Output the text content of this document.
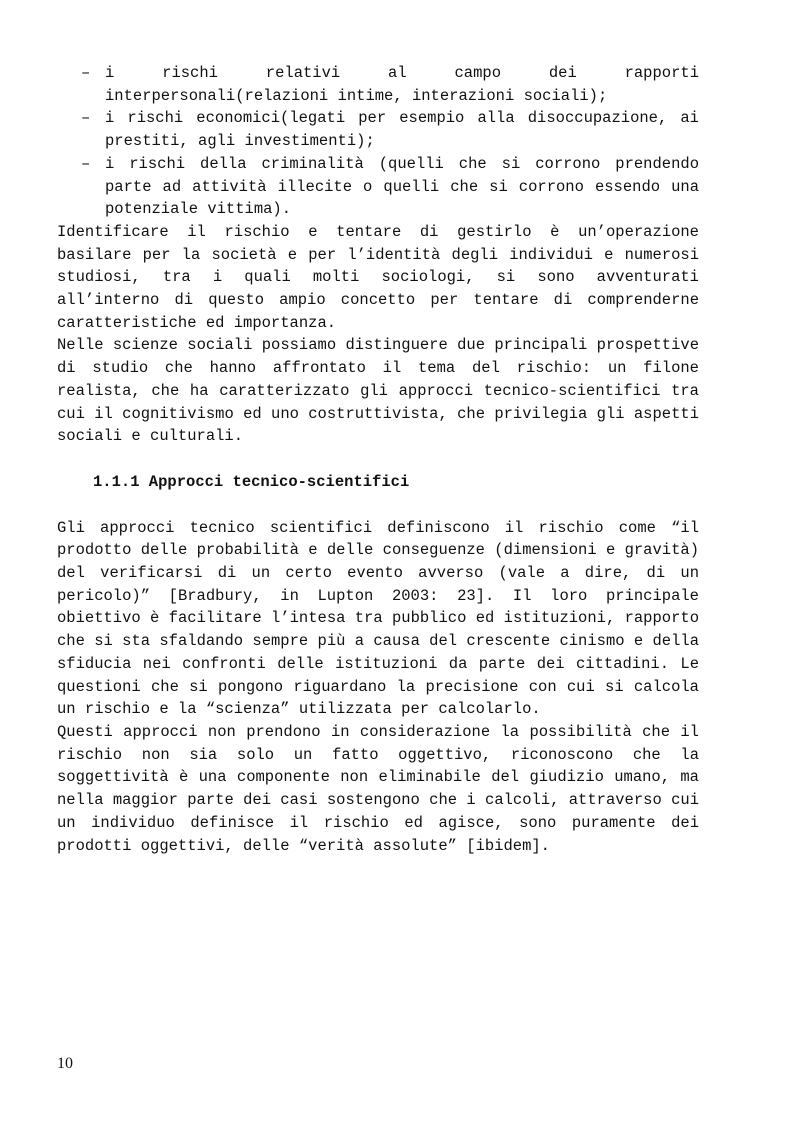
– i rischi relativi al campo dei rapporti interpersonali(relazioni intime, interazioni sociali);
– i rischi economici(legati per esempio alla disoccupazione, ai prestiti, agli investimenti);
– i rischi della criminalità (quelli che si corrono prendendo parte ad attività illecite o quelli che si corrono essendo una potenziale vittima).

Identificare il rischio e tentare di gestirlo è un’operazione basilare per la società e per l’identità degli individui e numerosi studiosi, tra i quali molti sociologi, si sono avventurati all’interno di questo ampio concetto per tentare di comprenderne caratteristiche ed importanza.

Nelle scienze sociali possiamo distinguere due principali prospettive di studio che hanno affrontato il tema del rischio: un filone realista, che ha caratterizzato gli approcci tecnico-scientifici tra cui il cognitivismo ed uno costruttivista, che privilegia gli aspetti sociali e culturali.

1.1.1 Approcci tecnico-scientifici

Gli approcci tecnico scientifici definiscono il rischio come “il prodotto delle probabilità e delle conseguenze (dimensioni e gravità) del verificarsi di un certo evento avverso (vale a dire, di un pericolo)” [Bradbury, in Lupton 2003: 23]. Il loro principale obiettivo è facilitare l’intesa tra pubblico ed istituzioni, rapporto che si sta sfaldando sempre più a causa del crescente cinismo e della sfiducia nei confronti delle istituzioni da parte dei cittadini. Le questioni che si pongono riguardano la precisione con cui si calcola un rischio e la “scienza” utilizzata per calcolarlo.

Questi approcci non prendono in considerazione la possibilità che il rischio non sia solo un fatto oggettivo, riconoscono che la soggettività è una componente non eliminabile del giudizio umano, ma nella maggior parte dei casi sostengono che i calcoli, attraverso cui un individuo definisce il rischio ed agisce, sono puramente dei prodotti oggettivi, delle “verità assolute” [ibidem].

10
